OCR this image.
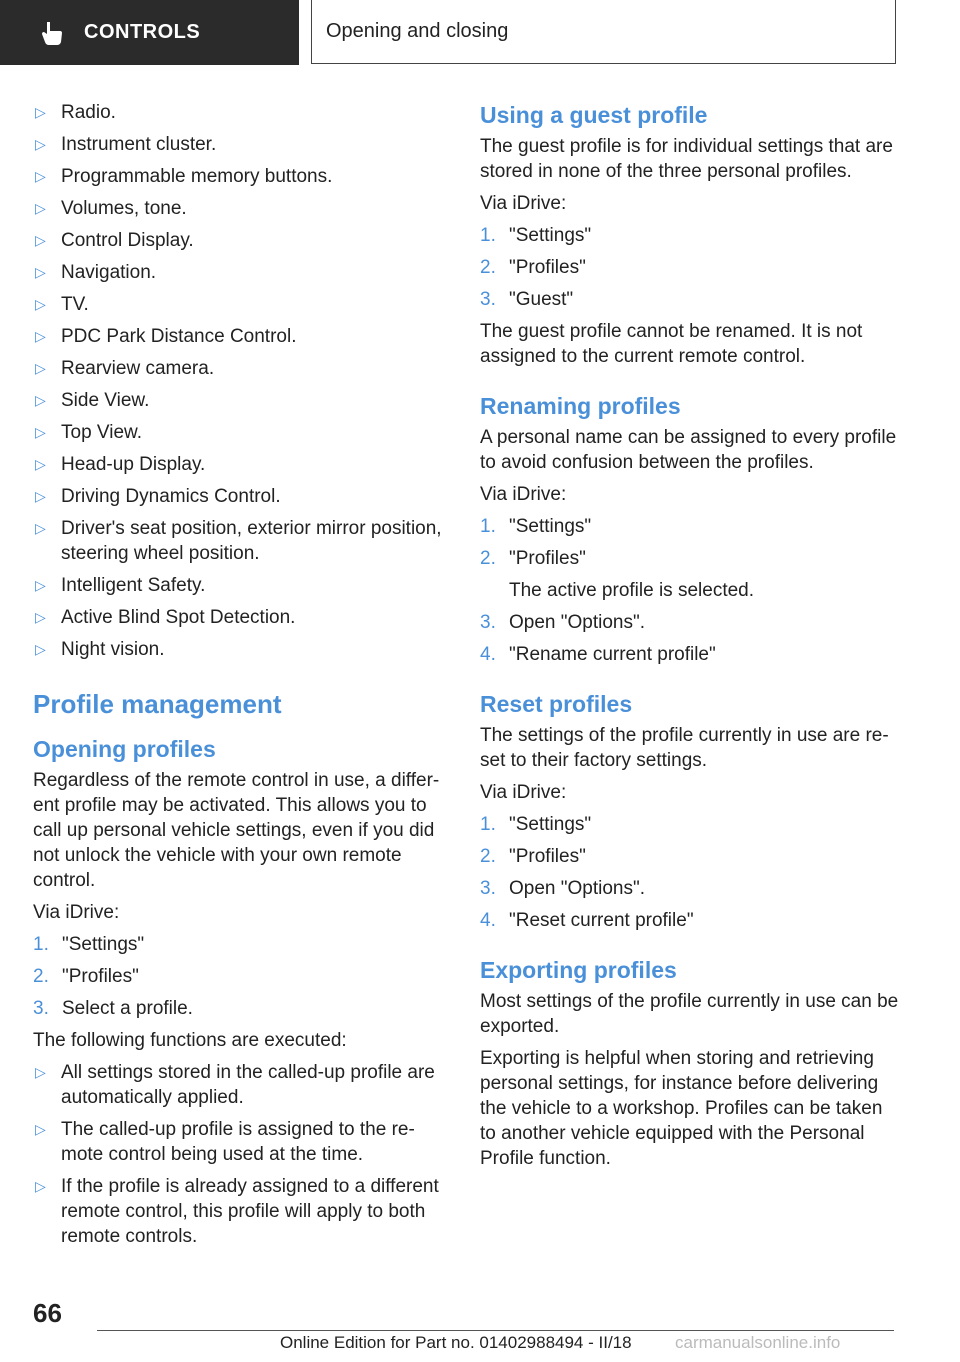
CONTROLS	Opening and closing
▷ Radio.
▷ Instrument cluster.
▷ Programmable memory buttons.
▷ Volumes, tone.
▷ Control Display.
▷ Navigation.
▷ TV.
▷ PDC Park Distance Control.
▷ Rearview camera.
▷ Side View.
▷ Top View.
▷ Head-up Display.
▷ Driving Dynamics Control.
▷ Driver's seat position, exterior mirror position, steering wheel position.
▷ Intelligent Safety.
▷ Active Blind Spot Detection.
▷ Night vision.
Profile management
Opening profiles

Regardless of the remote control in use, a differ-ent profile may be activated. This allows you to call up personal vehicle settings, even if you did not unlock the vehicle with your own remote control.

Via iDrive:

1. "Settings"
2. "Profiles"
3. Select a profile.

The following functions are executed:

▷ All settings stored in the called-up profile are automatically applied.
▷ The called-up profile is assigned to the re-mote control being used at the time.
▷ If the profile is already assigned to a different remote control, this profile will apply to both remote controls.
Using a guest profile

The guest profile is for individual settings that are stored in none of the three personal profiles.

Via iDrive:

1. "Settings"
2. "Profiles"
3. "Guest"

The guest profile cannot be renamed. It is not assigned to the current remote control.

Renaming profiles

A personal name can be assigned to every profile to avoid confusion between the profiles.

Via iDrive:

1. "Settings"
2. "Profiles"
The active profile is selected.
3. Open "Options".
4. "Rename current profile"
Reset profiles

The settings of the profile currently in use are re-set to their factory settings.

Via iDrive:

1. "Settings"
2. "Profiles"
3. Open "Options".
4. "Reset current profile"
Exporting profiles

Most settings of the profile currently in use can be exported.

Exporting is helpful when storing and retrieving personal settings, for instance before delivering the vehicle to a workshop. Profiles can be taken to another vehicle equipped with the Personal Profile function.

66
Online Edition for Part no. 01402988494 - II/18	carmanualsonline.info
